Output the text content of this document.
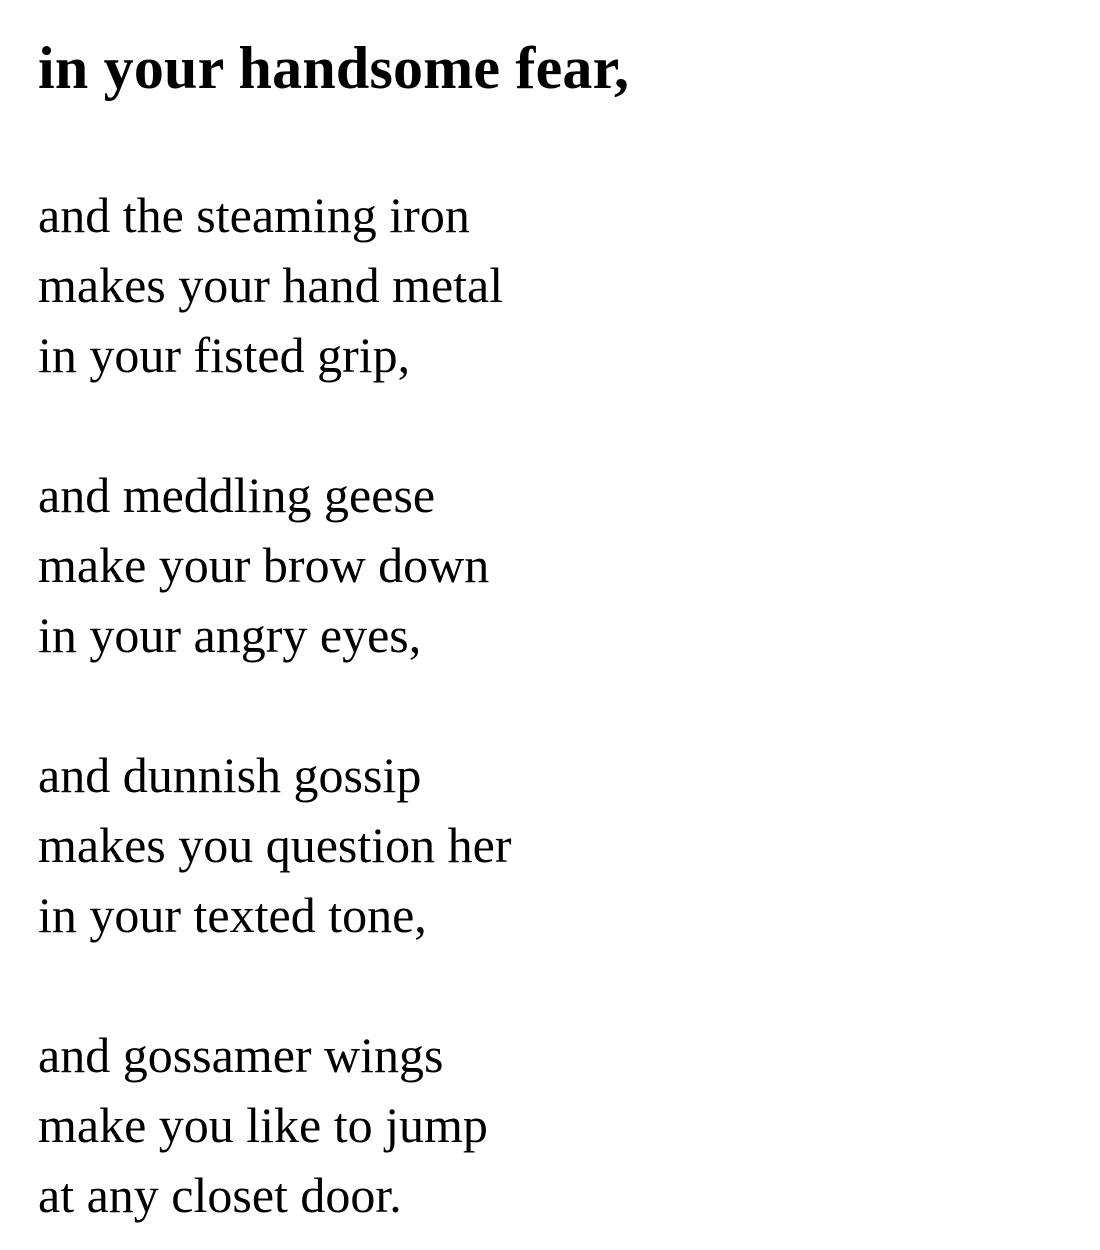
in your handsome fear,
and the steaming iron
makes your hand metal
in your fisted grip,
and meddling geese
make your brow down
in your angry eyes,
and dunnish gossip
makes you question her
in your texted tone,
and gossamer wings
make you like to jump
at any closet door.
